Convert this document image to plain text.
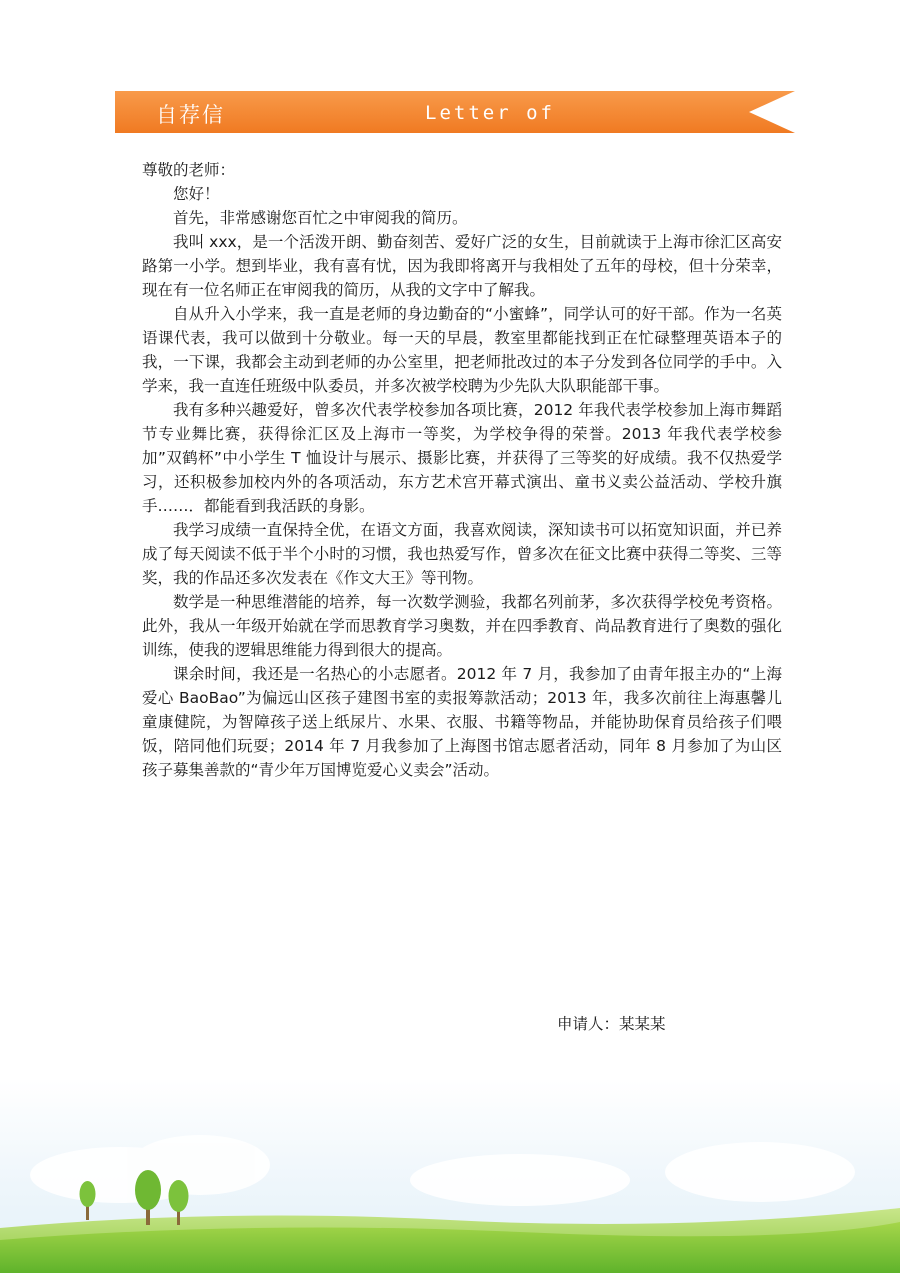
自荐信	Letter of

尊敬的老师：

您好！

首先，非常感谢您百忙之中审阅我的简历。

我叫 xxx，是一个活泼开朗、勤奋刻苦、爱好广泛的女生，目前就读于上海市徐汇区高安路第一小学。想到毕业，我有喜有忧，因为我即将离开与我相处了五年的母校，但十分荣幸，现在有一位名师正在审阅我的简历，从我的文字中了解我。

自从升入小学来，我一直是老师的身边勤奋的“小蜜蜂”，同学认可的好干部。作为一名英语课代表，我可以做到十分敬业。每一天的早晨，教室里都能找到正在忙碌整理英语本子的我，一下课，我都会主动到老师的办公室里，把老师批改过的本子分发到各位同学的手中。入学来，我一直连任班级中队委员，并多次被学校聘为少先队大队职能部干事。

我有多种兴趣爱好，曾多次代表学校参加各项比赛，2012 年我代表学校参加上海市舞蹈节专业舞比赛，获得徐汇区及上海市一等奖，为学校争得的荣誉。2013 年我代表学校参加”双鹤杯”中小学生 T 恤设计与展示、摄影比赛，并获得了三等奖的好成绩。我不仅热爱学习，还积极参加校内外的各项活动，东方艺术宫开幕式演出、童书义卖公益活动、学校升旗手……．都能看到我活跃的身影。

我学习成绩一直保持全优，在语文方面，我喜欢阅读，深知读书可以拓宽知识面，并已养成了每天阅读不低于半个小时的习惯，我也热爱写作，曾多次在征文比赛中获得二等奖、三等奖，我的作品还多次发表在《作文大王》等刊物。

数学是一种思维潜能的培养，每一次数学测验，我都名列前茅，多次获得学校免考资格。此外，我从一年级开始就在学而思教育学习奥数，并在四季教育、尚品教育进行了奥数的强化训练，使我的逻辑思维能力得到很大的提高。

课余时间，我还是一名热心的小志愿者。2012 年 7 月，我参加了由青年报主办的“上海爱心 BaoBao”为偏远山区孩子建图书室的卖报筹款活动；2013 年，我多次前往上海惠馨儿童康健院，为智障孩子送上纸尿片、水果、衣服、书籍等物品，并能协助保育员给孩子们喂饭，陪同他们玩耍；2014 年 7 月我参加了上海图书馆志愿者活动，同年 8 月参加了为山区孩子募集善款的“青少年万国博览爱心义卖会”活动。

申请人：某某某
